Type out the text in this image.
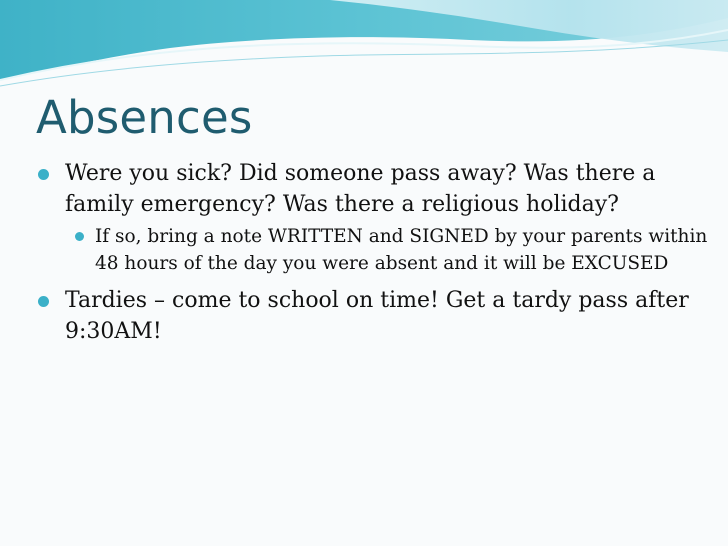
Absences
Were you sick? Did someone pass away? Was there a family emergency? Was there a religious holiday?
If so, bring a note WRITTEN and SIGNED by your parents within 48 hours of the day you were absent and it will be EXCUSED
Tardies – come to school on time! Get a tardy pass after 9:30AM!
